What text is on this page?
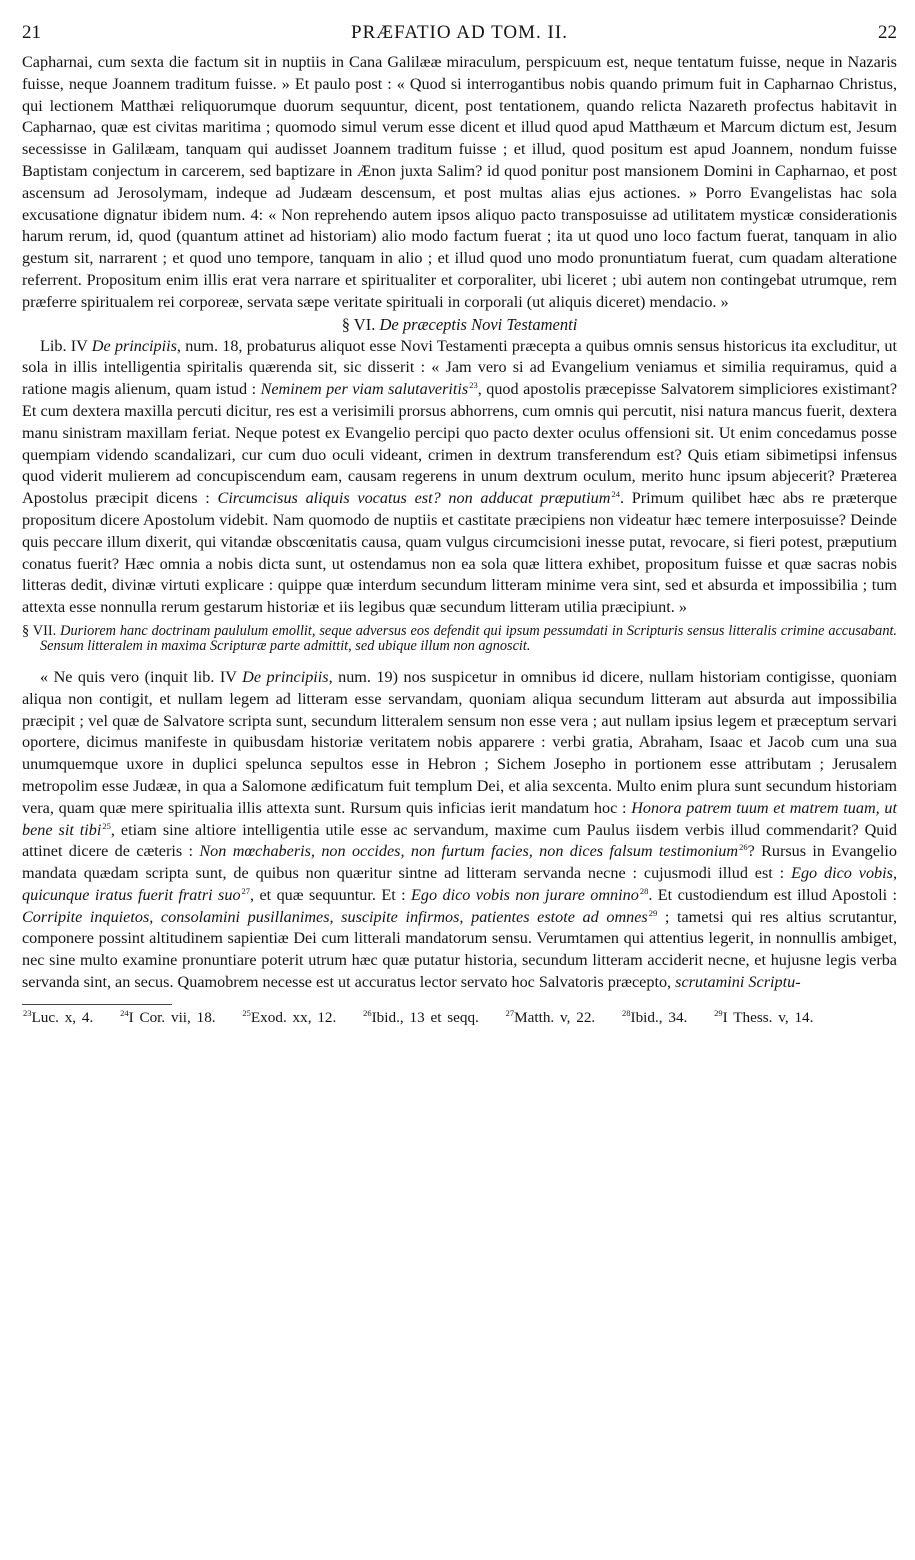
21	PRÆFATIO AD TOM. II.	22

Capharnai, cum sexta die factum sit in nuptiis in Cana Galilææ miraculum, perspicuum est, neque tentatum fuisse, neque in Nazaris fuisse, neque Joannem traditum fuisse. » Et paulo post : « Quod si interrogantibus nobis quando primum fuit in Capharnao Christus, qui lectionem Matthæi reliquorumque duorum sequuntur, dicent, post tentationem, quando relicta Nazareth profectus habitavit in Capharnao, quæ est civitas maritima ; quomodo simul verum esse dicent et illud quod apud Matthæum et Marcum dictum est, Jesum secessisse in Galilæam, tanquam qui audisset Joannem traditum fuisse ; et illud, quod positum est apud Joannem, nondum fuisse Baptistam conjectum in carcerem, sed baptizare in Ænon juxta Salim? id quod ponitur post mansionem Domini in Capharnao, et post ascensum ad Jerosolymam, indeque ad Judæam descensum, et post multas alias ejus actiones. » Porro Evangelistas hac sola excusatione dignatur ibidem num. 4: « Non reprehendo autem ipsos aliquo pacto transposuisse ad utilitatem mysticæ considerationis harum rerum, id, quod (quantum attinet ad historiam) alio modo factum fuerat ; ita ut quod uno loco factum fuerat, tanquam in alio gestum sit, narrarent ; et quod uno tempore, tanquam in alio ; et illud quod uno modo pronuntiatum fuerat, cum quadam alteratione referrent. Propositum enim illis erat vera narrare et spiritualiter et corporaliter, ubi liceret ; ubi autem non contingebat utrumque, rem præferre spiritualem rei corporeæ, servata sæpe veritate spirituali in corporali (ut aliquis diceret) mendacio. »

§ VI. De præceptis Novi Testamenti

Lib. IV De principiis, num. 18, probaturus aliquot esse Novi Testamenti præcepta a quibus omnis sensus historicus ita excluditur, ut sola in illis intelligentia spiritalis quærenda sit, sic disserit : « Jam vero si ad Evangelium veniamus et similia requiramus, quid a ratione magis alienum, quam istud : Neminem per viam salutaveritis$^{23}$, quod apostolis præcepisse Salvatorem simpliciores existimant? Et cum dextera maxilla percuti dicitur, res est a verisimili prorsus abhorrens, cum omnis qui percutit, nisi natura mancus fuerit, dextera manu sinistram maxillam feriat. Neque potest ex Evangelio percipi quo pacto dexter oculus offensioni sit. Ut enim concedamus posse quempiam videndo scandalizari, cur cum duo oculi videant, crimen in dextrum transferendum est? Quis etiam sibimetipsi infensus quod viderit mulierem ad concupiscendum eam, causam regerens in unum dextrum oculum, merito hunc ipsum abjecerit? Præterea Apostolus præcipit dicens : Circumcisus aliquis vocatus est? non adducat præputium$^{24}$. Primum quilibet hæc abs re præterque propositum dicere Apostolum videbit. Nam quomodo de nuptiis et castitate præcipiens non videatur hæc temere interposuisse? Deinde quis peccare illum dixerit, qui vitandæ obscœnitatis causa, quam vulgus circumcisioni inesse putat, revocare, si fieri potest, præputium conatus fuerit? Hæc omnia a nobis dicta sunt, ut ostendamus non ea sola quæ littera exhibet, propositum fuisse et quæ sacras nobis litteras dedit, divinæ virtuti explicare : quippe quæ interdum secundum litteram minime vera sint, sed et absurda et impossibilia ; tum attexta esse nonnulla rerum gestarum historiæ et iis legibus quæ secundum litteram utilia præcipiunt. »

§ VII. Duriorem hanc doctrinam paululum emollit, seque adversus eos defendit qui ipsum pessumdati in Scripturis sensus litteralis crimine accusabant. Sensum litteralem in maxima Scripturæ parte admittit, sed ubique illum non agnoscit.

« Ne quis vero (inquit lib. IV De principiis, num. 19) nos suspicetur in omnibus id dicere, nullam historiam contigisse, quoniam aliqua non contigit, et nullam legem ad litteram esse servandam, quoniam aliqua secundum litteram aut absurda aut impossibilia præcipit ; vel quæ de Salvatore scripta sunt, secundum litteralem sensum non esse vera ; aut nullam ipsius legem et præceptum servari oportere, dicimus manifeste in quibusdam historiæ veritatem nobis apparere : verbi gratia, Abraham, Isaac et Jacob cum una sua unumquemque uxore in duplici spelunca sepultos esse in Hebron ; Sichem Josepho in portionem esse attributam ; Jerusalem metropolim esse Judææ, in qua a Salomone ædificatum fuit templum Dei, et alia sexcenta. Multo enim plura sunt secundum historiam vera, quam quæ mere spiritualia illis attexta sunt. Rursum quis inficias ierit mandatum hoc : Honora patrem tuum et matrem tuam, ut bene sit tibi$^{25}$, etiam sine altiore intelligentia utile esse ac servandum, maxime cum Paulus iisdem verbis illud commendarit? Quid attinet dicere de cæteris : Non mœchaberis, non occides, non furtum facies, non dices falsum testimonium$^{26}$? Rursus in Evangelio mandata quædam scripta sunt, de quibus non quæritur sintne ad litteram servanda necne : cujusmodi illud est : Ego dico vobis, quicunque iratus fuerit fratri suo$^{27}$, et quæ sequuntur. Et : Ego dico vobis non jurare omnino$^{28}$. Et custodiendum est illud Apostoli : Corripite inquietos, consolamini pusillanimes, suscipite infirmos, patientes estote ad omnes$^{29}$ ; tametsi qui res altius scrutantur, componere possint altitudinem sapientiæ Dei cum litterali mandatorum sensu. Verumtamen qui attentius legerit, in nonnullis ambiget, nec sine multo examine pronuntiare poterit utrum hæc quæ putatur historia, secundum litteram acciderit necne, et hujusne legis verba servanda sint, an secus. Quamobrem necesse est ut accuratus lector servato hoc Salvatoris præcepto, scrutamini Scriptu-

$^{23}$Luc. x, 4.	$^{24}$I Cor. vii, 18.	$^{25}$Exod. xx, 12.	$^{26}$Ibid., 13 et seqq.	$^{27}$Matth. v, 22.	$^{28}$Ibid., 34.	$^{29}$I Thess. v, 14.
